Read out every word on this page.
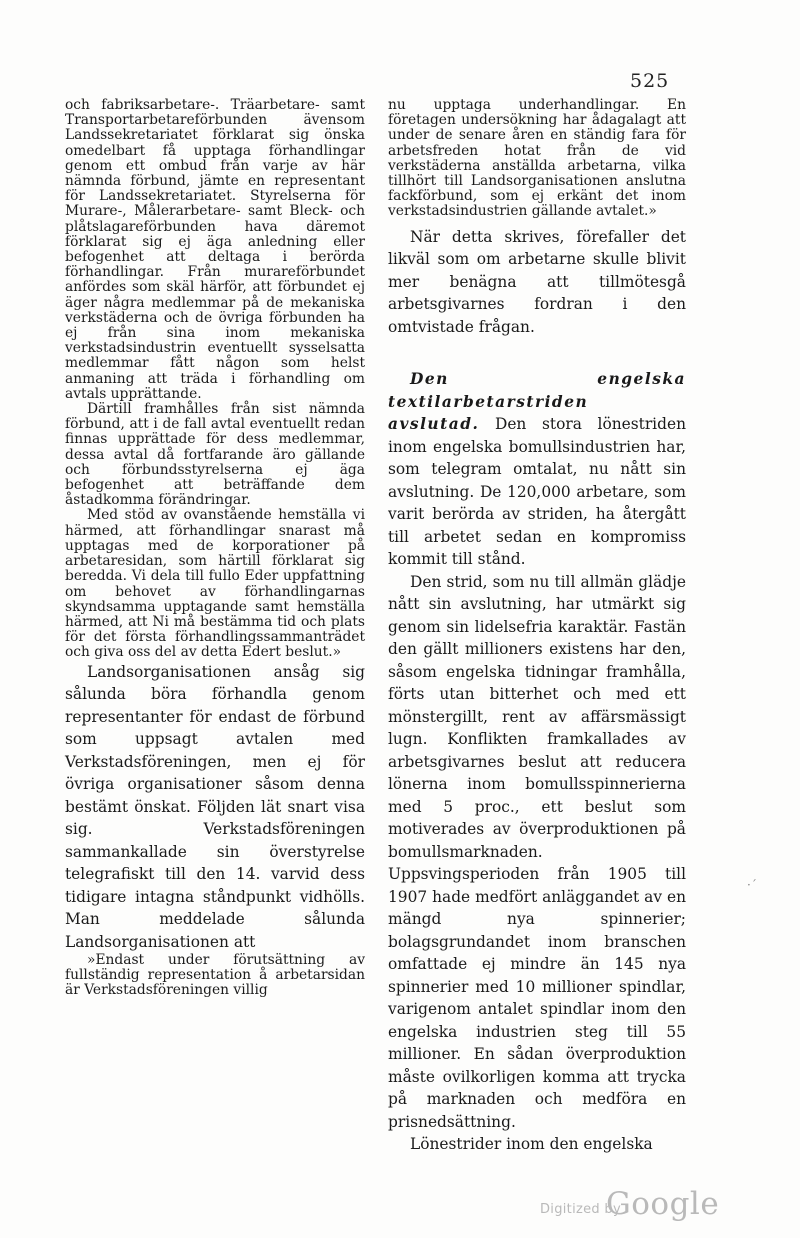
525

och fabriksarbetare-. Träarbetare- samt Transportarbetareförbunden ävensom Landssekretariatet förklarat sig önska omedelbart få upptaga förhandlingar genom ett ombud från varje av här nämnda förbund, jämte en representant för Landssekretariatet. Styrelserna för Murare-, Målerarbetare- samt Bleck- och plåtslagareförbunden hava däremot förklarat sig ej äga anledning eller befogenhet att deltaga i berörda förhandlingar. Från murareförbundet anfördes som skäl härför, att förbundet ej äger några medlemmar på de mekaniska verkstäderna och de övriga förbunden ha ej från sina inom mekaniska verkstadsindustrin eventuellt sysselsatta medlemmar fått någon som helst anmaning att träda i förhandling om avtals upprättande.

Därtill framhålles från sist nämnda förbund, att i de fall avtal eventuellt redan finnas upprättade för dess medlemmar, dessa avtal då fortfarande äro gällande och förbundsstyrelserna ej äga befogenhet att beträffande dem åstadkomma förändringar.

Med stöd av ovanstående hemställa vi härmed, att förhandlingar snarast må upptagas med de korporationer på arbetaresidan, som härtill förklarat sig beredda. Vi dela till fullo Eder uppfattning om behovet av förhandlingarnas skyndsamma upptagande samt hemställa härmed, att Ni må bestämma tid och plats för det första förhandlingssammanträdet och giva oss del av detta Edert beslut.»

Landsorganisationen ansåg sig sålunda böra förhandla genom representanter för endast de förbund som uppsagt avtalen med Verkstadsföreningen, men ej för övriga organisationer såsom denna bestämt önskat. Följden lät snart visa sig. Verkstadsföreningen sammankallade sin överstyrelse telegrafiskt till den 14. varvid dess tidigare intagna ståndpunkt vidhölls. Man meddelade sålunda Landsorganisationen att

»Endast under förutsättning av fullständig representation å arbetarsidan är Verkstadsföreningen villig

nu upptaga underhandlingar. En företagen undersökning har ådagalagt att under de senare åren en ständig fara för arbetsfreden hotat från de vid verkstäderna anställda arbetarna, vilka tillhört till Landsorganisationen anslutna fackförbund, som ej erkänt det inom verkstadsindustrien gällande avtalet.»

När detta skrives, förefaller det likväl som om arbetarne skulle blivit mer benägna att tillmötesgå arbetsgivarnes fordran i den omtvistade frågan.

Den engelska textilarbetarstriden avslutad. Den stora lönestriden inom engelska bomullsindustrien har, som telegram omtalat, nu nått sin avslutning. De 120,000 arbetare, som varit berörda av striden, ha återgått till arbetet sedan en kompromiss kommit till stånd.

Den strid, som nu till allmän glädje nått sin avslutning, har utmärkt sig genom sin lidelsefria karaktär. Fastän den gällt millioners existens har den, såsom engelska tidningar framhålla, förts utan bitterhet och med ett mönstergillt, rent av affärsmässigt lugn. Konflikten framkallades av arbetsgivarnes beslut att reducera lönerna inom bomullsspinnerierna med 5 proc., ett beslut som motiverades av överproduktionen på bomullsmarknaden. Uppsvingsperioden från 1905 till 1907 hade medfört anläggandet av en mängd nya spinnerier; bolagsgrundandet inom branschen omfattade ej mindre än 145 nya spinnerier med 10 millioner spindlar, varigenom antalet spindlar inom den engelska industrien steg till 55 millioner. En sådan överproduktion måste ovilkorligen komma att trycka på marknaden och medföra en prisnedsättning.

Lönestrider inom den engelska

·´
Digitized by
Google
